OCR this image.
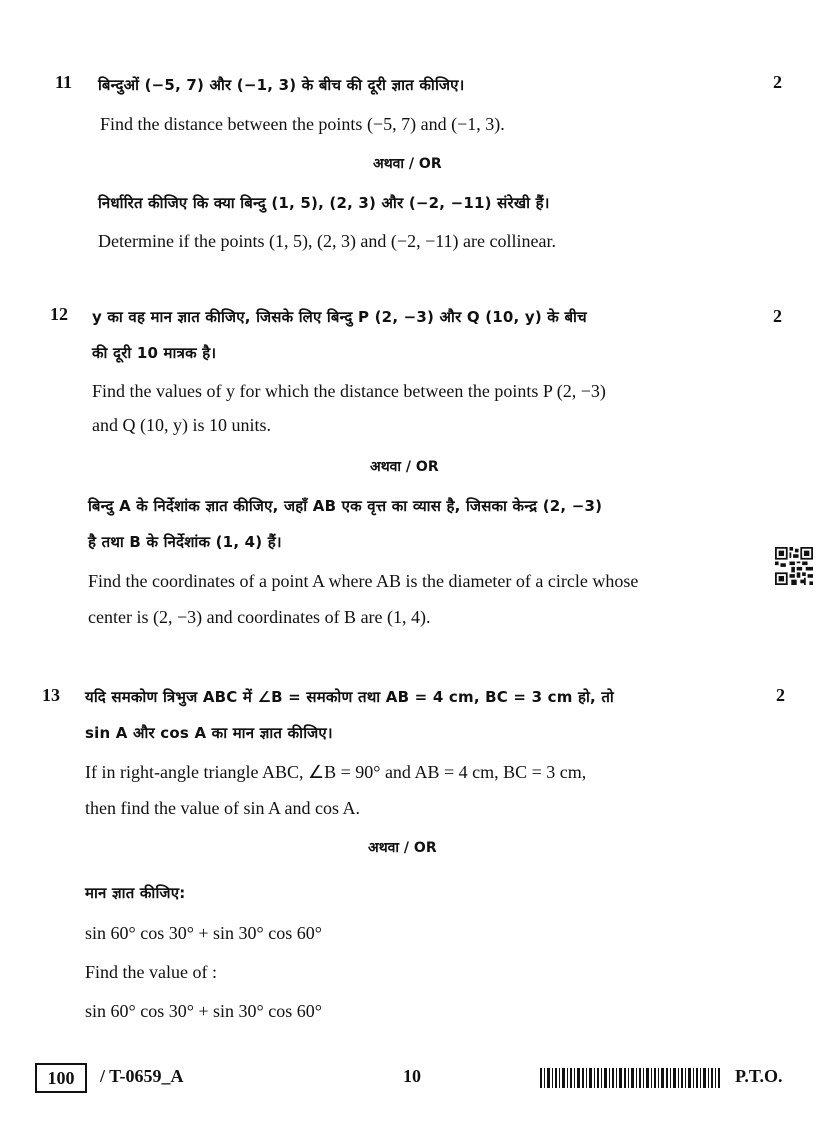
11	2
बिन्दुओं (−5, 7) और (−1, 3) के बीच की दूरी ज्ञात कीजिए।
Find the distance between the points (−5, 7) and (−1, 3).
अथवा / OR
निर्धारित कीजिए कि क्या बिन्दु (1, 5), (2, 3) और (−2, −11) संरेखी हैं।
Determine if the points (1, 5), (2, 3) and (−2, −11) are collinear.
12	2
y का वह मान ज्ञात कीजिए, जिसके लिए बिन्दु P (2, −3) और Q (10, y) के बीच
की दूरी 10 मात्रक है।
Find the values of y for which the distance between the points P (2, −3)
and Q (10, y) is 10 units.
अथवा / OR
बिन्दु A के निर्देशांक ज्ञात कीजिए, जहाँ AB एक वृत्त का व्यास है, जिसका केन्द्र (2, −3)
है तथा B के निर्देशांक (1, 4) हैं।
Find the coordinates of a point A where AB is the diameter of a circle whose
center is (2, −3) and coordinates of B are (1, 4).
13	2
यदि समकोण त्रिभुज ABC में ∠B = समकोण तथा AB = 4 cm, BC = 3 cm हो, तो
sin A और cos A का मान ज्ञात कीजिए।
If in right-angle triangle ABC, ∠B = 90° and AB = 4 cm, BC = 3 cm,
then find the value of sin A and cos A.
अथवा / OR
मान ज्ञात कीजिए:
sin 60° cos 30° + sin 30° cos 60°
Find the value of :
sin 60° cos 30° + sin 30° cos 60°
100	/ T-0659_A	10	P.T.O.
